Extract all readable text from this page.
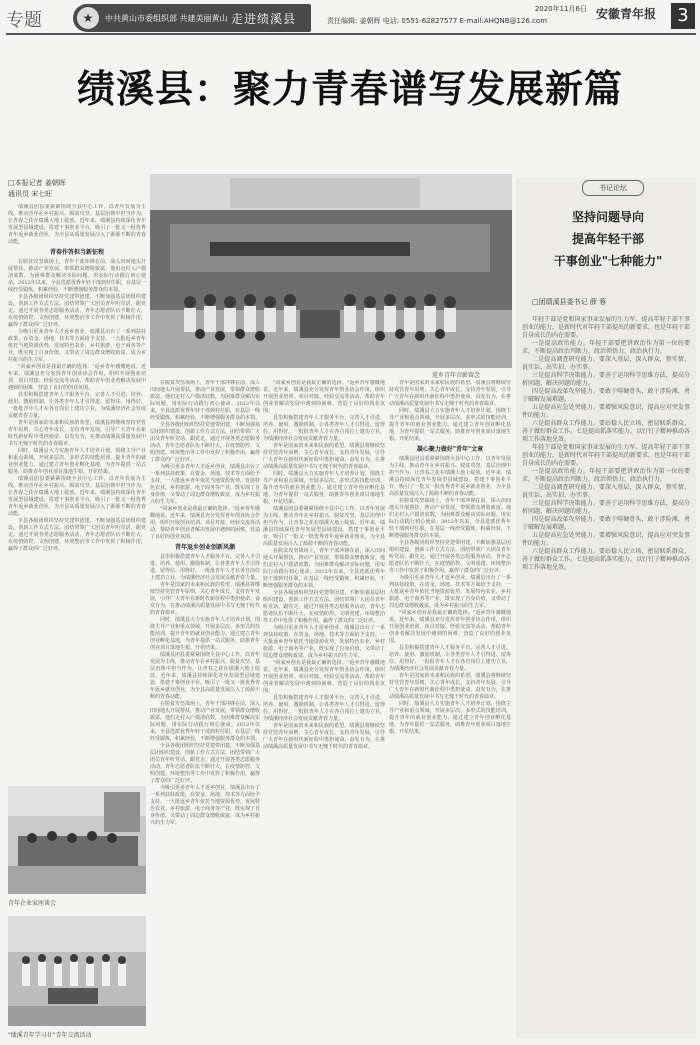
专题	★	中共黄山市委组织部 共建美丽黄山 走进绩溪县
2020年11月6日
责任编辑: 姜朝晖 电话: 0551-62827577 E-mail:AHQNB@126.com	安徽青年报	3
绩溪县：聚力青春谱写发展新篇
□本报记者 姜朝晖
通讯员 宋七旺

绩溪县团县委紧紧围绕全县中心工作，以青年发展为主线，推动青年在乡村振兴、脱贫攻坚、基层治理中担当作为，让青春之花在绩溪大地上绽放。近年来，绩溪县持续深化青年发展型县域建设，搭建干事创业平台，吸引了一批又一批优秀青年返乡就业创业，为全县高质量发展注入了源源不断的青春动能。

青春作答担当新征程

在脱贫攻坚战场上，青年干部冲锋在前，深入田间地头开展帮扶，推动产业发展，带领群众增收致富。他们走村入户摸清底数，为困难群众解决实际问题，用实际行动践行初心使命。2012年以来，全县选派优秀年轻干部到村任职，在基层一线经受锻炼，积累经验，不断增强服务群众的本领。

全县各级团组织坚持党建带团建，不断加强基层团组织建设，创新工作方式方法，团结带领广大团员青年听党话、跟党走。通过开展各类志愿服务活动，青年志愿者队伍不断壮大，在疫情防控、文明创建、环境整治等工作中发挥了积极作用，赢得了群众的广泛好评。

为吸引更多青年人才返乡创业，绩溪县出台了一系列扶持政策，在资金、场地、技术等方面给予支持。一大批返乡青年依托当地资源优势，发展特色农业、乡村旅游、电子商务等产业，既实现了自身价值，又带动了周边群众增收致富，成为乡村振兴的生力军。

"回家乡创业是我最正确的选择。"返乡青年感慨地说。近年来，绩溪县充分发挥青年创业协会作用，组织开展创业培训、项目对接、经验交流等活动，帮助青年创业者解决发展中遇到的困难，营造了良好的创业氛围。

县里积极搭建青年人才服务平台，完善人才引进、培养、使用、激励机制，让各类青年人才引得进、留得住、用得好。一批批青年人才在各自岗位上建功立业，为绩溪经济社会发展贡献青春力量。

青年是国家的未来和民族的希望。绩溪县将继续坚持党管青年原则，关心青年成长，支持青年发展，引导广大青年在新时代新征程中勇担使命、奋发有为，在推动绩溪高质量发展中书写无愧于时代的青春篇章。

同时，绩溪县大力实施青年人才培养计划，围绕主导产业和重点领域，开展多层次、多形式的技能培训，提升青年的就业创业能力。通过建立青年创业孵化基地，为青年提供一站式服务，助推青年创业项目落地生根、开花结果。

绩溪县团县委紧紧围绕全县中心工作，以青年发展为主线，推动青年在乡村振兴、脱贫攻坚、基层治理中担当作为，让青春之花在绩溪大地上绽放。近年来，绩溪县持续深化青年发展型县域建设，搭建干事创业平台，吸引了一批又一批优秀青年返乡就业创业，为全县高质量发展注入了源源不断的青春动能。

全县各级团组织坚持党建带团建，不断加强基层团组织建设，创新工作方式方法，团结带领广大团员青年听党话、跟党走。通过开展各类志愿服务活动，青年志愿者队伍不断壮大，在疫情防控、文明创建、环境整治等工作中发挥了积极作用，赢得了群众的广泛好评。

返乡青年合影留念

在脱贫攻坚战场上，青年干部冲锋在前，深入田间地头开展帮扶，推动产业发展，带领群众增收致富。他们走村入户摸清底数，为困难群众解决实际问题，用实际行动践行初心使命。2012年以来，全县选派优秀年轻干部到村任职，在基层一线经受锻炼，积累经验，不断增强服务群众的本领。

全县各级团组织坚持党建带团建，不断加强基层团组织建设，创新工作方式方法，团结带领广大团员青年听党话、跟党走。通过开展各类志愿服务活动，青年志愿者队伍不断壮大，在疫情防控、文明创建、环境整治等工作中发挥了积极作用，赢得了群众的广泛好评。

为吸引更多青年人才返乡创业，绩溪县出台了一系列扶持政策，在资金、场地、技术等方面给予支持。一大批返乡青年依托当地资源优势，发展特色农业、乡村旅游、电子商务等产业，既实现了自身价值，又带动了周边群众增收致富，成为乡村振兴的生力军。

"回家乡创业是我最正确的选择。"返乡青年感慨地说。近年来，绩溪县充分发挥青年创业协会作用，组织开展创业培训、项目对接、经验交流等活动，帮助青年创业者解决发展中遇到的困难，营造了良好的创业氛围。

青年返乡创业创新风潮

县里积极搭建青年人才服务平台，完善人才引进、培养、使用、激励机制，让各类青年人才引得进、留得住、用得好。一批批青年人才在各自岗位上建功立业，为绩溪经济社会发展贡献青春力量。

青年是国家的未来和民族的希望。绩溪县将继续坚持党管青年原则，关心青年成长，支持青年发展，引导广大青年在新时代新征程中勇担使命、奋发有为，在推动绩溪高质量发展中书写无愧于时代的青春篇章。

同时，绩溪县大力实施青年人才培养计划，围绕主导产业和重点领域，开展多层次、多形式的技能培训，提升青年的就业创业能力。通过建立青年创业孵化基地，为青年提供一站式服务，助推青年创业项目落地生根、开花结果。

绩溪县团县委紧紧围绕全县中心工作，以青年发展为主线，推动青年在乡村振兴、脱贫攻坚、基层治理中担当作为，让青春之花在绩溪大地上绽放。近年来，绩溪县持续深化青年发展型县域建设，搭建干事创业平台，吸引了一批又一批优秀青年返乡就业创业，为全县高质量发展注入了源源不断的青春动能。

在脱贫攻坚战场上，青年干部冲锋在前，深入田间地头开展帮扶，推动产业发展，带领群众增收致富。他们走村入户摸清底数，为困难群众解决实际问题，用实际行动践行初心使命。2012年以来，全县选派优秀年轻干部到村任职，在基层一线经受锻炼，积累经验，不断增强服务群众的本领。

全县各级团组织坚持党建带团建，不断加强基层团组织建设，创新工作方式方法，团结带领广大团员青年听党话、跟党走。通过开展各类志愿服务活动，青年志愿者队伍不断壮大，在疫情防控、文明创建、环境整治等工作中发挥了积极作用，赢得了群众的广泛好评。

为吸引更多青年人才返乡创业，绩溪县出台了一系列扶持政策，在资金、场地、技术等方面给予支持。一大批返乡青年依托当地资源优势，发展特色农业、乡村旅游、电子商务等产业，既实现了自身价值，又带动了周边群众增收致富，成为乡村振兴的生力军。

"回家乡创业是我最正确的选择。"返乡青年感慨地说。近年来，绩溪县充分发挥青年创业协会作用，组织开展创业培训、项目对接、经验交流等活动，帮助青年创业者解决发展中遇到的困难，营造了良好的创业氛围。

县里积极搭建青年人才服务平台，完善人才引进、培养、使用、激励机制，让各类青年人才引得进、留得住、用得好。一批批青年人才在各自岗位上建功立业，为绩溪经济社会发展贡献青春力量。

青年是国家的未来和民族的希望。绩溪县将继续坚持党管青年原则，关心青年成长，支持青年发展，引导广大青年在新时代新征程中勇担使命、奋发有为，在推动绩溪高质量发展中书写无愧于时代的青春篇章。

同时，绩溪县大力实施青年人才培养计划，围绕主导产业和重点领域，开展多层次、多形式的技能培训，提升青年的就业创业能力。通过建立青年创业孵化基地，为青年提供一站式服务，助推青年创业项目落地生根、开花结果。

绩溪县团县委紧紧围绕全县中心工作，以青年发展为主线，推动青年在乡村振兴、脱贫攻坚、基层治理中担当作为，让青春之花在绩溪大地上绽放。近年来，绩溪县持续深化青年发展型县域建设，搭建干事创业平台，吸引了一批又一批优秀青年返乡就业创业，为全县高质量发展注入了源源不断的青春动能。

在脱贫攻坚战场上，青年干部冲锋在前，深入田间地头开展帮扶，推动产业发展，带领群众增收致富。他们走村入户摸清底数，为困难群众解决实际问题，用实际行动践行初心使命。2012年以来，全县选派优秀年轻干部到村任职，在基层一线经受锻炼，积累经验，不断增强服务群众的本领。

全县各级团组织坚持党建带团建，不断加强基层团组织建设，创新工作方式方法，团结带领广大团员青年听党话、跟党走。通过开展各类志愿服务活动，青年志愿者队伍不断壮大，在疫情防控、文明创建、环境整治等工作中发挥了积极作用，赢得了群众的广泛好评。

为吸引更多青年人才返乡创业，绩溪县出台了一系列扶持政策，在资金、场地、技术等方面给予支持。一大批返乡青年依托当地资源优势，发展特色农业、乡村旅游、电子商务等产业，既实现了自身价值，又带动了周边群众增收致富，成为乡村振兴的生力军。

"回家乡创业是我最正确的选择。"返乡青年感慨地说。近年来，绩溪县充分发挥青年创业协会作用，组织开展创业培训、项目对接、经验交流等活动，帮助青年创业者解决发展中遇到的困难，营造了良好的创业氛围。

县里积极搭建青年人才服务平台，完善人才引进、培养、使用、激励机制，让各类青年人才引得进、留得住、用得好。一批批青年人才在各自岗位上建功立业，为绩溪经济社会发展贡献青春力量。

青年是国家的未来和民族的希望。绩溪县将继续坚持党管青年原则，关心青年成长，支持青年发展，引导广大青年在新时代新征程中勇担使命、奋发有为，在推动绩溪高质量发展中书写无愧于时代的青春篇章。

青年是国家的未来和民族的希望。绩溪县将继续坚持党管青年原则，关心青年成长，支持青年发展，引导广大青年在新时代新征程中勇担使命、奋发有为，在推动绩溪高质量发展中书写无愧于时代的青春篇章。

同时，绩溪县大力实施青年人才培养计划，围绕主导产业和重点领域，开展多层次、多形式的技能培训，提升青年的就业创业能力。通过建立青年创业孵化基地，为青年提供一站式服务，助推青年创业项目落地生根、开花结果。

凝心聚力做好"青年"文章

绩溪县团县委紧紧围绕全县中心工作，以青年发展为主线，推动青年在乡村振兴、脱贫攻坚、基层治理中担当作为，让青春之花在绩溪大地上绽放。近年来，绩溪县持续深化青年发展型县域建设，搭建干事创业平台，吸引了一批又一批优秀青年返乡就业创业，为全县高质量发展注入了源源不断的青春动能。

在脱贫攻坚战场上，青年干部冲锋在前，深入田间地头开展帮扶，推动产业发展，带领群众增收致富。他们走村入户摸清底数，为困难群众解决实际问题，用实际行动践行初心使命。2012年以来，全县选派优秀年轻干部到村任职，在基层一线经受锻炼，积累经验，不断增强服务群众的本领。

全县各级团组织坚持党建带团建，不断加强基层团组织建设，创新工作方式方法，团结带领广大团员青年听党话、跟党走。通过开展各类志愿服务活动，青年志愿者队伍不断壮大，在疫情防控、文明创建、环境整治等工作中发挥了积极作用，赢得了群众的广泛好评。

为吸引更多青年人才返乡创业，绩溪县出台了一系列扶持政策，在资金、场地、技术等方面给予支持。一大批返乡青年依托当地资源优势，发展特色农业、乡村旅游、电子商务等产业，既实现了自身价值，又带动了周边群众增收致富，成为乡村振兴的生力军。

"回家乡创业是我最正确的选择。"返乡青年感慨地说。近年来，绩溪县充分发挥青年创业协会作用，组织开展创业培训、项目对接、经验交流等活动，帮助青年创业者解决发展中遇到的困难，营造了良好的创业氛围。

县里积极搭建青年人才服务平台，完善人才引进、培养、使用、激励机制，让各类青年人才引得进、留得住、用得好。一批批青年人才在各自岗位上建功立业，为绩溪经济社会发展贡献青春力量。

青年是国家的未来和民族的希望。绩溪县将继续坚持党管青年原则，关心青年成长，支持青年发展，引导广大青年在新时代新征程中勇担使命、奋发有为，在推动绩溪高质量发展中书写无愧于时代的青春篇章。

同时，绩溪县大力实施青年人才培养计划，围绕主导产业和重点领域，开展多层次、多形式的技能培训，提升青年的就业创业能力。通过建立青年创业孵化基地，为青年提供一站式服务，助推青年创业项目落地生根、开花结果。

青年企业家座谈会
"绩溪青年学习社"青年交流活动
书记论坛
坚持问题导向
提高年轻干部
干事创业"七种能力"
□团绩溪县委书记 薛 蓉

年轻干部是党和国家事业发展的生力军。提高年轻干部干事创业的能力，是新时代对年轻干部提出的新要求，也是年轻干部自身成长的内在需要。

一是提高政治能力。年轻干部要把讲政治作为第一位的要求，不断提高政治判断力、政治领悟力、政治执行力。

二是提高调查研究能力。要深入基层、深入群众，察实情、说实话、出实招、办实事。

三是提高科学决策能力。要善于运用科学思维方法，提高分析问题、解决问题的能力。

四是提高改革攻坚能力。要敢于啃硬骨头，敢于涉险滩，勇于破解发展难题。

五是提高应急处突能力。要增强风险意识，提高应对突发事件的能力。

六是提高群众工作能力。要站稳人民立场，密切联系群众，善于做好群众工作。七是提高抓落实能力，以钉钉子精神推动各项工作落地见效。

年轻干部是党和国家事业发展的生力军。提高年轻干部干事创业的能力，是新时代对年轻干部提出的新要求，也是年轻干部自身成长的内在需要。

一是提高政治能力。年轻干部要把讲政治作为第一位的要求，不断提高政治判断力、政治领悟力、政治执行力。

二是提高调查研究能力。要深入基层、深入群众，察实情、说实话、出实招、办实事。

三是提高科学决策能力。要善于运用科学思维方法，提高分析问题、解决问题的能力。

四是提高改革攻坚能力。要敢于啃硬骨头，敢于涉险滩，勇于破解发展难题。

五是提高应急处突能力。要增强风险意识，提高应对突发事件的能力。

六是提高群众工作能力。要站稳人民立场，密切联系群众，善于做好群众工作。七是提高抓落实能力，以钉钉子精神推动各项工作落地见效。
